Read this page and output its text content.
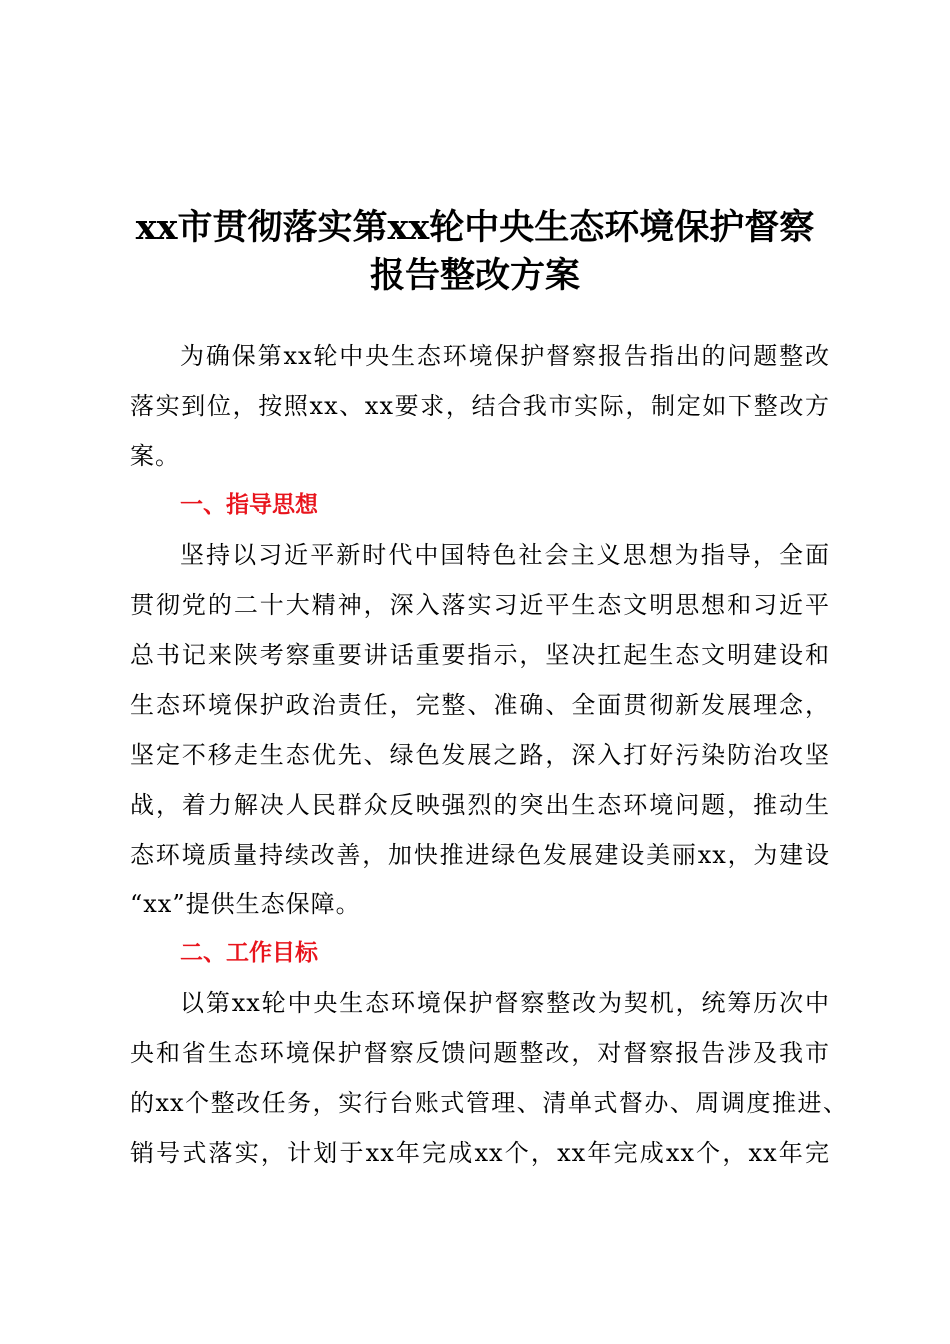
xx市贯彻落实第xx轮中央生态环境保护督察
报告整改方案

为确保第xx轮中央生态环境保护督察报告指出的问题整改

落实到位，按照xx、xx要求，结合我市实际，制定如下整改方

案。

一、指导思想

坚持以习近平新时代中国特色社会主义思想为指导，全面

贯彻党的二十大精神，深入落实习近平生态文明思想和习近平

总书记来陕考察重要讲话重要指示，坚决扛起生态文明建设和

生态环境保护政治责任，完整、准确、全面贯彻新发展理念，

坚定不移走生态优先、绿色发展之路，深入打好污染防治攻坚

战，着力解决人民群众反映强烈的突出生态环境问题，推动生

态环境质量持续改善，加快推进绿色发展建设美丽xx，为建设

“xx”提供生态保障。

二、工作目标

以第xx轮中央生态环境保护督察整改为契机，统筹历次中

央和省生态环境保护督察反馈问题整改，对督察报告涉及我市

的xx个整改任务，实行台账式管理、清单式督办、周调度推进、

销号式落实，计划于xx年完成xx个，xx年完成xx个，xx年完
